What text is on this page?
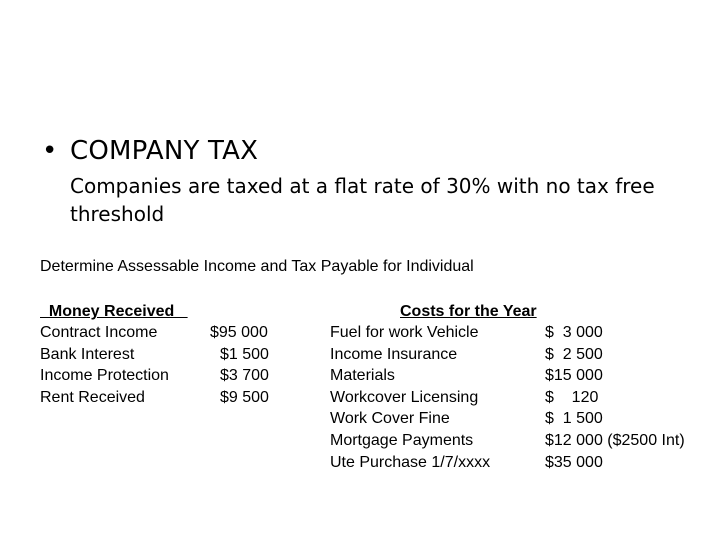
• COMPANY TAX
Companies are taxed at a flat rate of 30% with no tax free threshold
Determine Assessable Income and Tax Payable for Individual
Money Received

Contract Income

	$95 000

Bank Interest

	$1 500

Income Protection

	$3 700

Rent Received

	$9 500

Costs for the Year

Fuel for work Vehicle

	$  3 000

Income Insurance

	$  2 500

Materials

	$15 000

Workcover Licensing

	$    120

Work Cover Fine

	$  1 500

Mortgage Payments

	$12 000 ($2500 Int)

Ute Purchase 1/7/xxxx

	$35 000
